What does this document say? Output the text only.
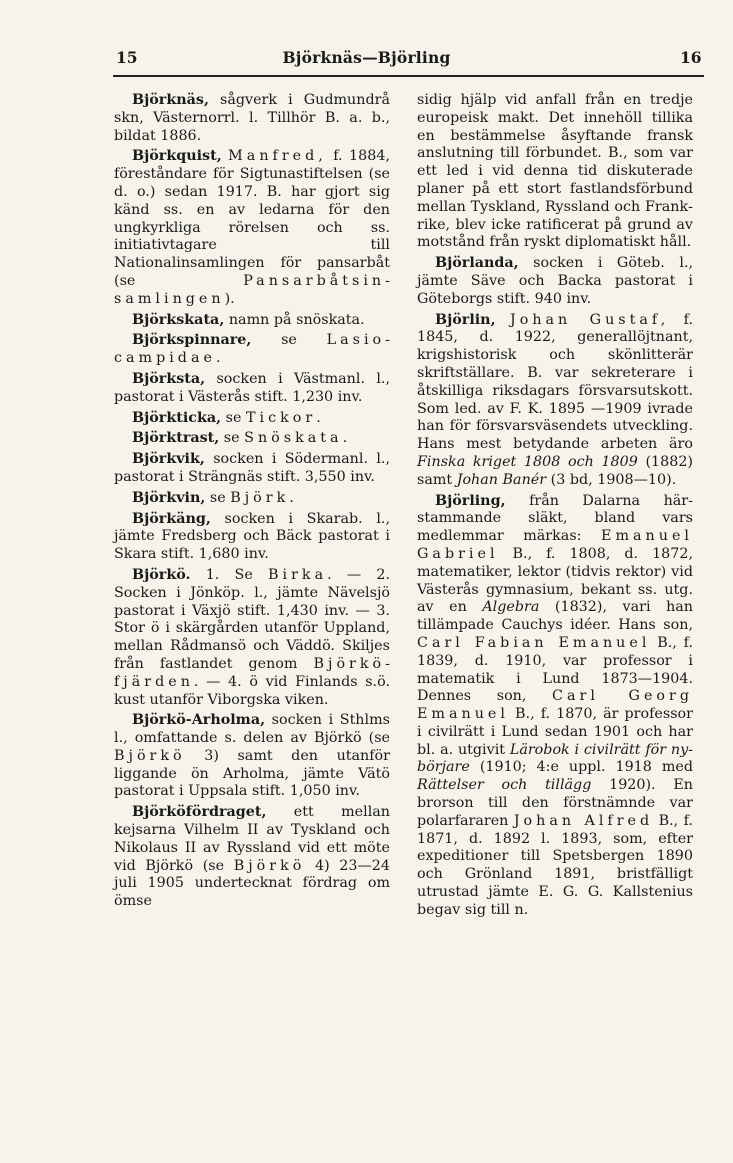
15	Björknäs—Björling	16

Björknäs, sågverk i Gudmundrå skn, Västernorrl. l. Tillhör B. a. b., bildat 1886.

Björkquist, Manfred, f. 1884, föreståndare för Sigtunastiftelsen (se d. o.) sedan 1917. B. har gjort sig känd ss. en av ledarna för den ungkyrkliga rörelsen och ss. initiativtagare till Nationalinsamlingen för pansarbåt (se Pansarbåtsinsamlingen).

Björkskata, namn på snöskata.

Björkspinnare, se Lasiocampidae.

Björksta, socken i Västmanl. l., pastorat i Västerås stift. 1,230 inv.

Björkticka, se Tickor.

Björktrast, se Snöskata.

Björkvik, socken i Södermanl. l., pastorat i Strängnäs stift. 3,550 inv.

Björkvin, se Björk.

Björkäng, socken i Skarab. l., jämte Fredsberg och Bäck pastorat i Skara stift. 1,680 inv.

Björkö. 1. Se Birka. — 2. Socken i Jönköp. l., jämte Nävelsjö pastorat i Växjö stift. 1,430 inv. — 3. Stor ö i skärgården utanför Uppland, mellan Rådmansö och Väddö. Skiljes från fastlandet genom Björköfjärden. — 4. ö vid Finlands s.ö. kust utanför Viborgska viken.

Björkö-Arholma, socken i Sthlms l., omfattande s. delen av Björkö (se Björkö 3) samt den utanför liggande ön Arholma, jämte Vätö pastorat i Uppsala stift. 1,050 inv.

Björköfördraget, ett mellan kejsarna Vilhelm II av Tyskland och Nikolaus II av Ryssland vid ett möte vid Björkö (se Björkö 4) 23—24 juli 1905 undertecknat fördrag om ömse

sidig hjälp vid anfall från en tredje europeisk makt. Det innehöll tillika en bestämmelse åsyftande fransk anslutning till förbundet. B., som var ett led i vid denna tid diskuterade planer på ett stort fastlandsförbund mellan Tyskland, Ryssland och Frankrike, blev icke ratificerat på grund av motstånd från ryskt diplomatiskt håll.

Björlanda, socken i Göteb. l., jämte Säve och Backa pastorat i Göteborgs stift. 940 inv.

Björlin, Johan Gustaf, f. 1845, d. 1922, generallöjtnant, krigshistorisk och skönlitterär skriftställare. B. var sekreterare i åtskilliga riksdagars försvarsutskott. Som led. av F. K. 1895 —1909 ivrade han för försvarsväsendets utveckling. Hans mest betydande arbeten äro Finska kriget 1808 och 1809 (1882) samt Johan Banér (3 bd, 1908—10).

Björling, från Dalarna härstammande släkt, bland vars medlemmar märkas: Emanuel Gabriel B., f. 1808, d. 1872, matematiker, lektor (tidvis rektor) vid Västerås gymnasium, bekant ss. utg. av en Algebra (1832), vari han tillämpade Cauchys idéer. Hans son, Carl Fabian Emanuel B., f. 1839, d. 1910, var professor i matematik i Lund 1873—1904. Dennes son, Carl Georg Emanuel B., f. 1870, är professor i civilrätt i Lund sedan 1901 och har bl. a. utgivit Lärobok i civilrätt för nybörjare (1910; 4:e uppl. 1918 med Rättelser och tillägg 1920). En brorson till den förstnämnde var polarfararen Johan Alfred B., f. 1871, d. 1892 l. 1893, som, efter expeditioner till Spetsbergen 1890 och Grönland 1891, bristfälligt utrustad jämte E. G. G. Kallstenius begav sig till n.
